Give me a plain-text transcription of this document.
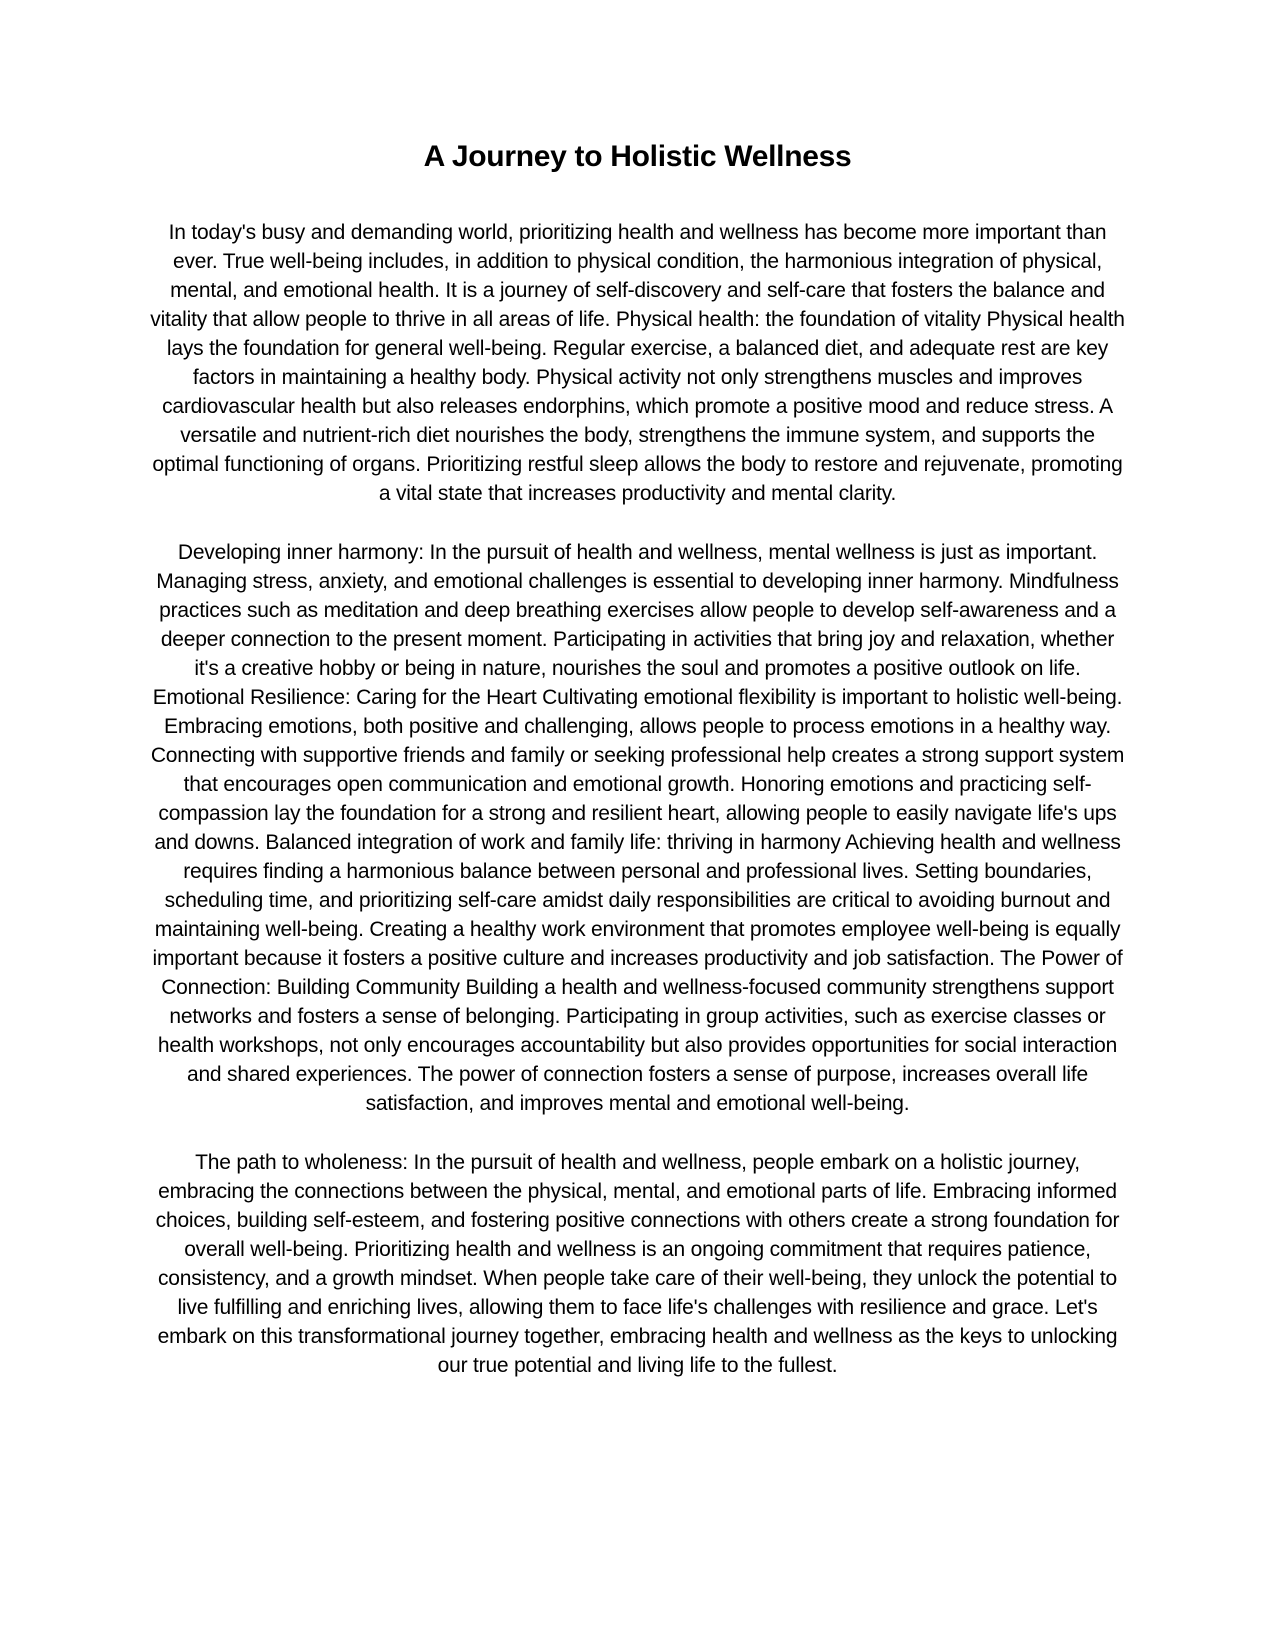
A Journey to Holistic Wellness

In today's busy and demanding world, prioritizing health and wellness has become more important than ever. True well-being includes, in addition to physical condition, the harmonious integration of physical, mental, and emotional health. It is a journey of self-discovery and self-care that fosters the balance and vitality that allow people to thrive in all areas of life. Physical health: the foundation of vitality Physical health lays the foundation for general well-being. Regular exercise, a balanced diet, and adequate rest are key factors in maintaining a healthy body. Physical activity not only strengthens muscles and improves cardiovascular health but also releases endorphins, which promote a positive mood and reduce stress. A versatile and nutrient-rich diet nourishes the body, strengthens the immune system, and supports the optimal functioning of organs. Prioritizing restful sleep allows the body to restore and rejuvenate, promoting a vital state that increases productivity and mental clarity.

Developing inner harmony: In the pursuit of health and wellness, mental wellness is just as important. Managing stress, anxiety, and emotional challenges is essential to developing inner harmony. Mindfulness practices such as meditation and deep breathing exercises allow people to develop self-awareness and a deeper connection to the present moment. Participating in activities that bring joy and relaxation, whether it's a creative hobby or being in nature, nourishes the soul and promotes a positive outlook on life. Emotional Resilience: Caring for the Heart Cultivating emotional flexibility is important to holistic well-being. Embracing emotions, both positive and challenging, allows people to process emotions in a healthy way. Connecting with supportive friends and family or seeking professional help creates a strong support system that encourages open communication and emotional growth. Honoring emotions and practicing self-compassion lay the foundation for a strong and resilient heart, allowing people to easily navigate life's ups and downs. Balanced integration of work and family life: thriving in harmony Achieving health and wellness requires finding a harmonious balance between personal and professional lives. Setting boundaries, scheduling time, and prioritizing self-care amidst daily responsibilities are critical to avoiding burnout and maintaining well-being. Creating a healthy work environment that promotes employee well-being is equally important because it fosters a positive culture and increases productivity and job satisfaction. The Power of Connection: Building Community Building a health and wellness-focused community strengthens support networks and fosters a sense of belonging. Participating in group activities, such as exercise classes or health workshops, not only encourages accountability but also provides opportunities for social interaction and shared experiences. The power of connection fosters a sense of purpose, increases overall life satisfaction, and improves mental and emotional well-being.

The path to wholeness: In the pursuit of health and wellness, people embark on a holistic journey, embracing the connections between the physical, mental, and emotional parts of life. Embracing informed choices, building self-esteem, and fostering positive connections with others create a strong foundation for overall well-being. Prioritizing health and wellness is an ongoing commitment that requires patience, consistency, and a growth mindset. When people take care of their well-being, they unlock the potential to live fulfilling and enriching lives, allowing them to face life's challenges with resilience and grace. Let's embark on this transformational journey together, embracing health and wellness as the keys to unlocking our true potential and living life to the fullest.
